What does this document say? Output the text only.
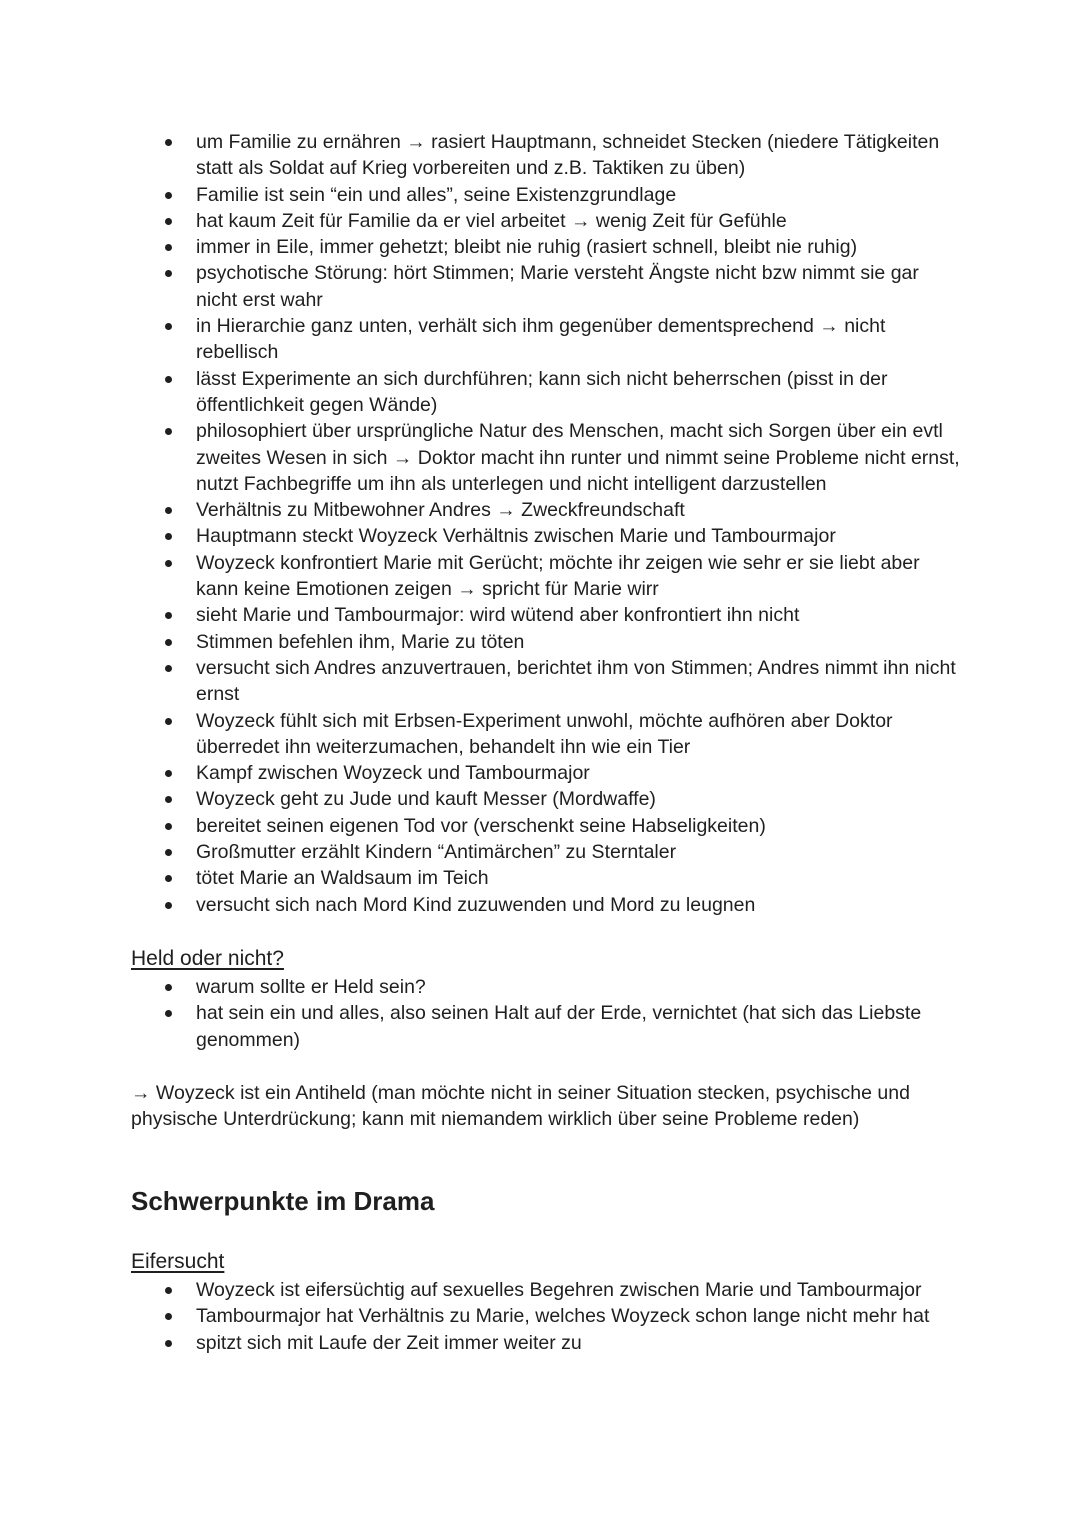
um Familie zu ernähren → rasiert Hauptmann, schneidet Stecken (niedere Tätigkeiten statt als Soldat auf Krieg vorbereiten und z.B. Taktiken zu üben)
Familie ist sein “ein und alles”, seine Existenzgrundlage
hat kaum Zeit für Familie da er viel arbeitet → wenig Zeit für Gefühle
immer in Eile, immer gehetzt; bleibt nie ruhig (rasiert schnell, bleibt nie ruhig)
psychotische Störung: hört Stimmen; Marie versteht Ängste nicht bzw nimmt sie gar nicht erst wahr
in Hierarchie ganz unten, verhält sich ihm gegenüber dementsprechend → nicht rebellisch
lässt Experimente an sich durchführen; kann sich nicht beherrschen (pisst in der öffentlichkeit gegen Wände)
philosophiert über ursprüngliche Natur des Menschen, macht sich Sorgen über ein evtl zweites Wesen in sich → Doktor macht ihn runter und nimmt seine Probleme nicht ernst, nutzt Fachbegriffe um ihn als unterlegen und nicht intelligent darzustellen
Verhältnis zu Mitbewohner Andres → Zweckfreundschaft
Hauptmann steckt Woyzeck Verhältnis zwischen Marie und Tambourmajor
Woyzeck konfrontiert Marie mit Gerücht; möchte ihr zeigen wie sehr er sie liebt aber kann keine Emotionen zeigen → spricht für Marie wirr
sieht Marie und Tambourmajor: wird wütend aber konfrontiert ihn nicht
Stimmen befehlen ihm, Marie zu töten
versucht sich Andres anzuvertrauen, berichtet ihm von Stimmen; Andres nimmt ihn nicht ernst
Woyzeck fühlt sich mit Erbsen-Experiment unwohl, möchte aufhören aber Doktor überredet ihn weiterzumachen, behandelt ihn wie ein Tier
Kampf zwischen Woyzeck und Tambourmajor
Woyzeck geht zu Jude und kauft Messer (Mordwaffe)
bereitet seinen eigenen Tod vor (verschenkt seine Habseligkeiten)
Großmutter erzählt Kindern “Antimärchen” zu Sterntaler
tötet Marie an Waldsaum im Teich
versucht sich nach Mord Kind zuzuwenden und Mord zu leugnen
Held oder nicht?
warum sollte er Held sein?
hat sein ein und alles, also seinen Halt auf der Erde, vernichtet (hat sich das Liebste genommen)
→ Woyzeck ist ein Antiheld (man möchte nicht in seiner Situation stecken, psychische und physische Unterdrückung; kann mit niemandem wirklich über seine Probleme reden)
Schwerpunkte im Drama
Eifersucht
Woyzeck ist eifersüchtig auf sexuelles Begehren zwischen Marie und Tambourmajor
Tambourmajor hat Verhältnis zu Marie, welches Woyzeck schon lange nicht mehr hat
spitzt sich mit Laufe der Zeit immer weiter zu
